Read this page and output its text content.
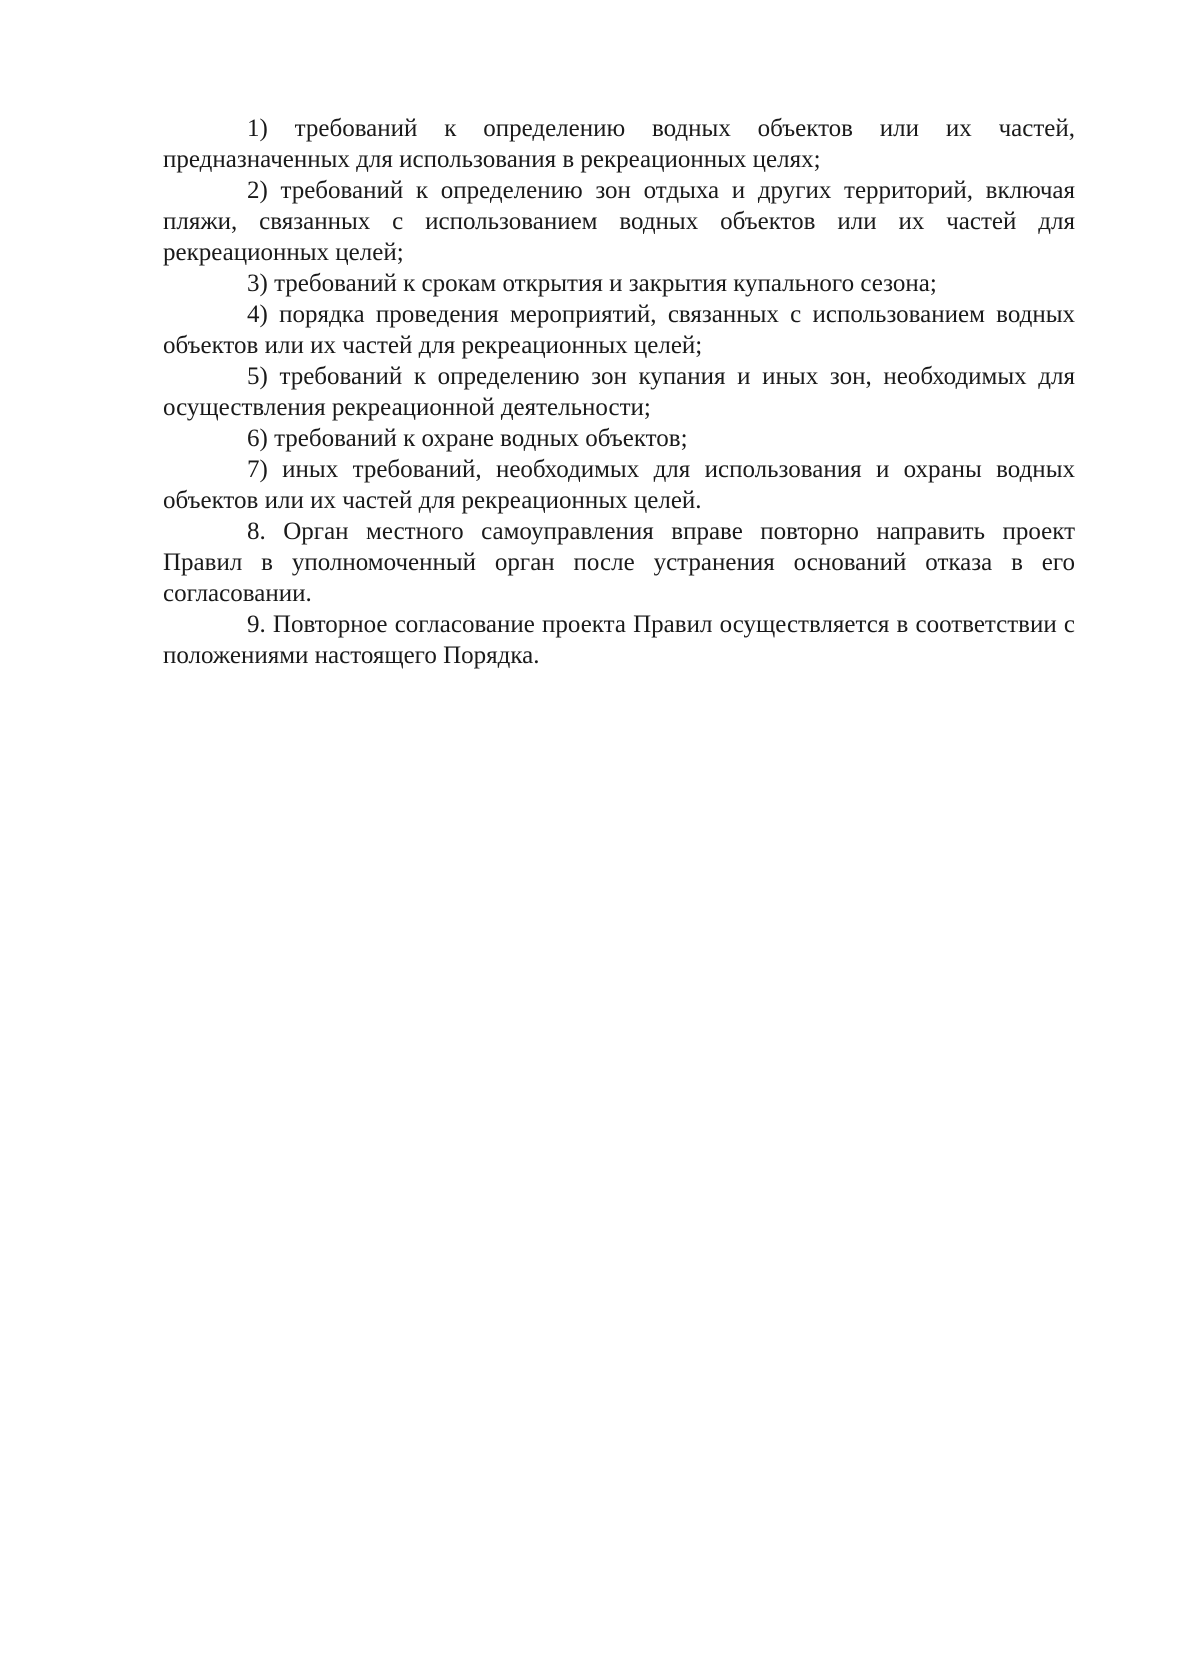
1) требований к определению водных объектов или их частей, предназначенных для использования в рекреационных целях;

2) требований к определению зон отдыха и других территорий, включая пляжи, связанных с использованием водных объектов или их частей для рекреационных целей;

3) требований к срокам открытия и закрытия купального сезона;

4) порядка проведения мероприятий, связанных с использованием водных объектов или их частей для рекреационных целей;

5) требований к определению зон купания и иных зон, необходимых для осуществления рекреационной деятельности;

6) требований к охране водных объектов;

7) иных требований, необходимых для использования и охраны водных объектов или их частей для рекреационных целей.

8. Орган местного самоуправления вправе повторно направить проект Правил в уполномоченный орган после устранения оснований отказа в его согласовании.

9. Повторное согласование проекта Правил осуществляется в соответствии с положениями настоящего Порядка.
